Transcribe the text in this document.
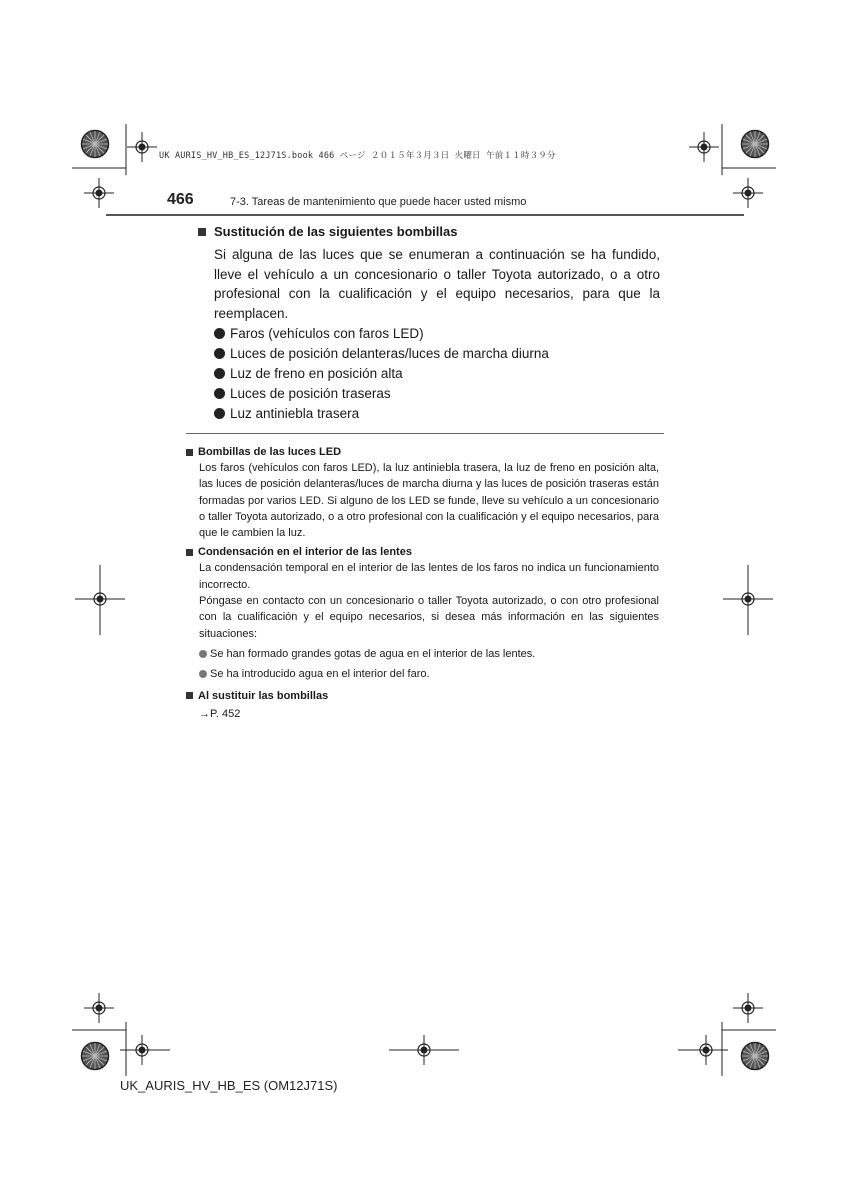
UK AURIS_HV_HB_ES_12J71S.book 466 ページ ２０１５年３月３日 火曜日 午前１１時３９分
466	7-3. Tareas de mantenimiento que puede hacer usted mismo
Sustitución de las siguientes bombillas

Si alguna de las luces que se enumeran a continuación se ha fundido, lleve el vehículo a un concesionario o taller Toyota autorizado, o a otro profesional con la cualificación y el equipo necesarios, para que la reemplacen.

Faros (vehículos con faros LED)
Luces de posición delanteras/luces de marcha diurna
Luz de freno en posición alta
Luces de posición traseras
Luz antiniebla trasera
Bombillas de las luces LED

Los faros (vehículos con faros LED), la luz antiniebla trasera, la luz de freno en posición alta, las luces de posición delanteras/luces de marcha diurna y las luces de posición traseras están formadas por varios LED. Si alguno de los LED se funde, lleve su vehículo a un concesionario o taller Toyota autorizado, o a otro profesional con la cualificación y el equipo necesarios, para que le cambien la luz.

Condensación en el interior de las lentes

La condensación temporal en el interior de las lentes de los faros no indica un funcionamiento incorrecto.

Póngase en contacto con un concesionario o taller Toyota autorizado, o con otro profesional con la cualificación y el equipo necesarios, si desea más información en las siguientes situaciones:

Se han formado grandes gotas de agua en el interior de las lentes.
Se ha introducido agua en el interior del faro.
Al sustituir las bombillas
→P. 452
UK_AURIS_HV_HB_ES (OM12J71S)
